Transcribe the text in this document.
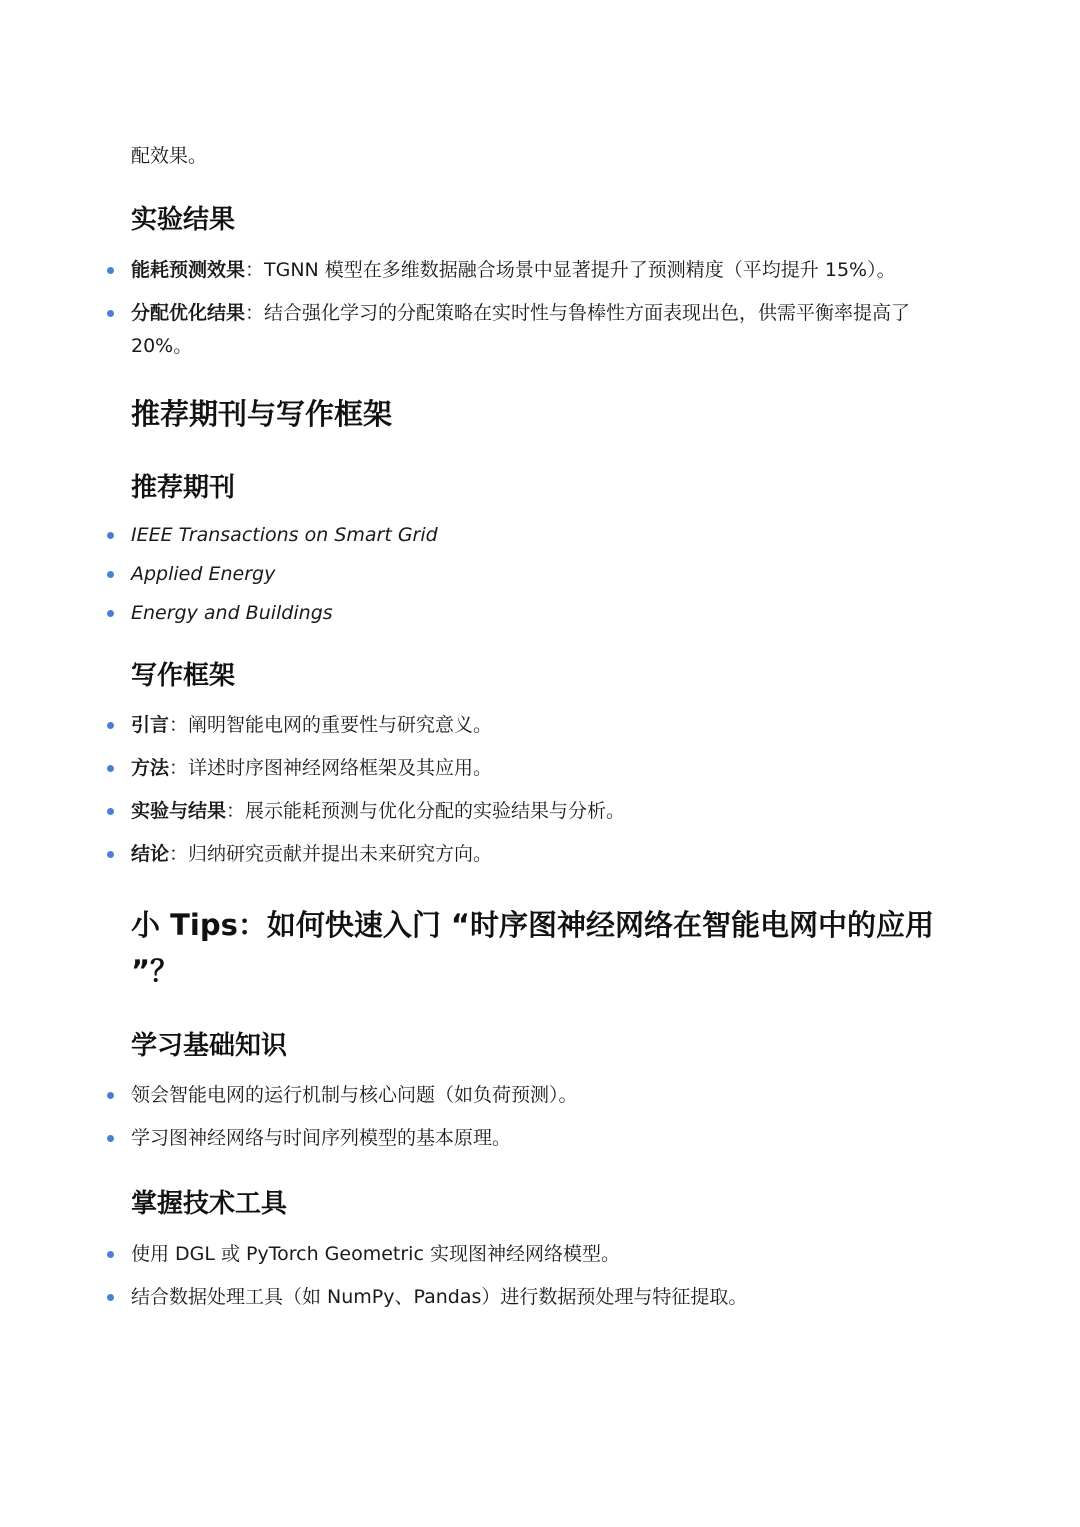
配效果。
实验结果
能耗预测效果：TGNN 模型在多维数据融合场景中显著提升了预测精度（平均提升 15%）。
分配优化结果：结合强化学习的分配策略在实时性与鲁棒性方面表现出色，供需平衡率提高了 20%。
推荐期刊与写作框架
推荐期刊
IEEE Transactions on Smart Grid
Applied Energy
Energy and Buildings
写作框架
引言：阐明智能电网的重要性与研究意义。
方法：详述时序图神经网络框架及其应用。
实验与结果：展示能耗预测与优化分配的实验结果与分析。
结论：归纳研究贡献并提出未来研究方向。
小 Tips：如何快速入门 “时序图神经网络在智能电网中的应用 ”？
学习基础知识
领会智能电网的运行机制与核心问题（如负荷预测）。
学习图神经网络与时间序列模型的基本原理。
掌握技术工具
使用 DGL 或 PyTorch Geometric 实现图神经网络模型。
结合数据处理工具（如 NumPy、Pandas）进行数据预处理与特征提取。
